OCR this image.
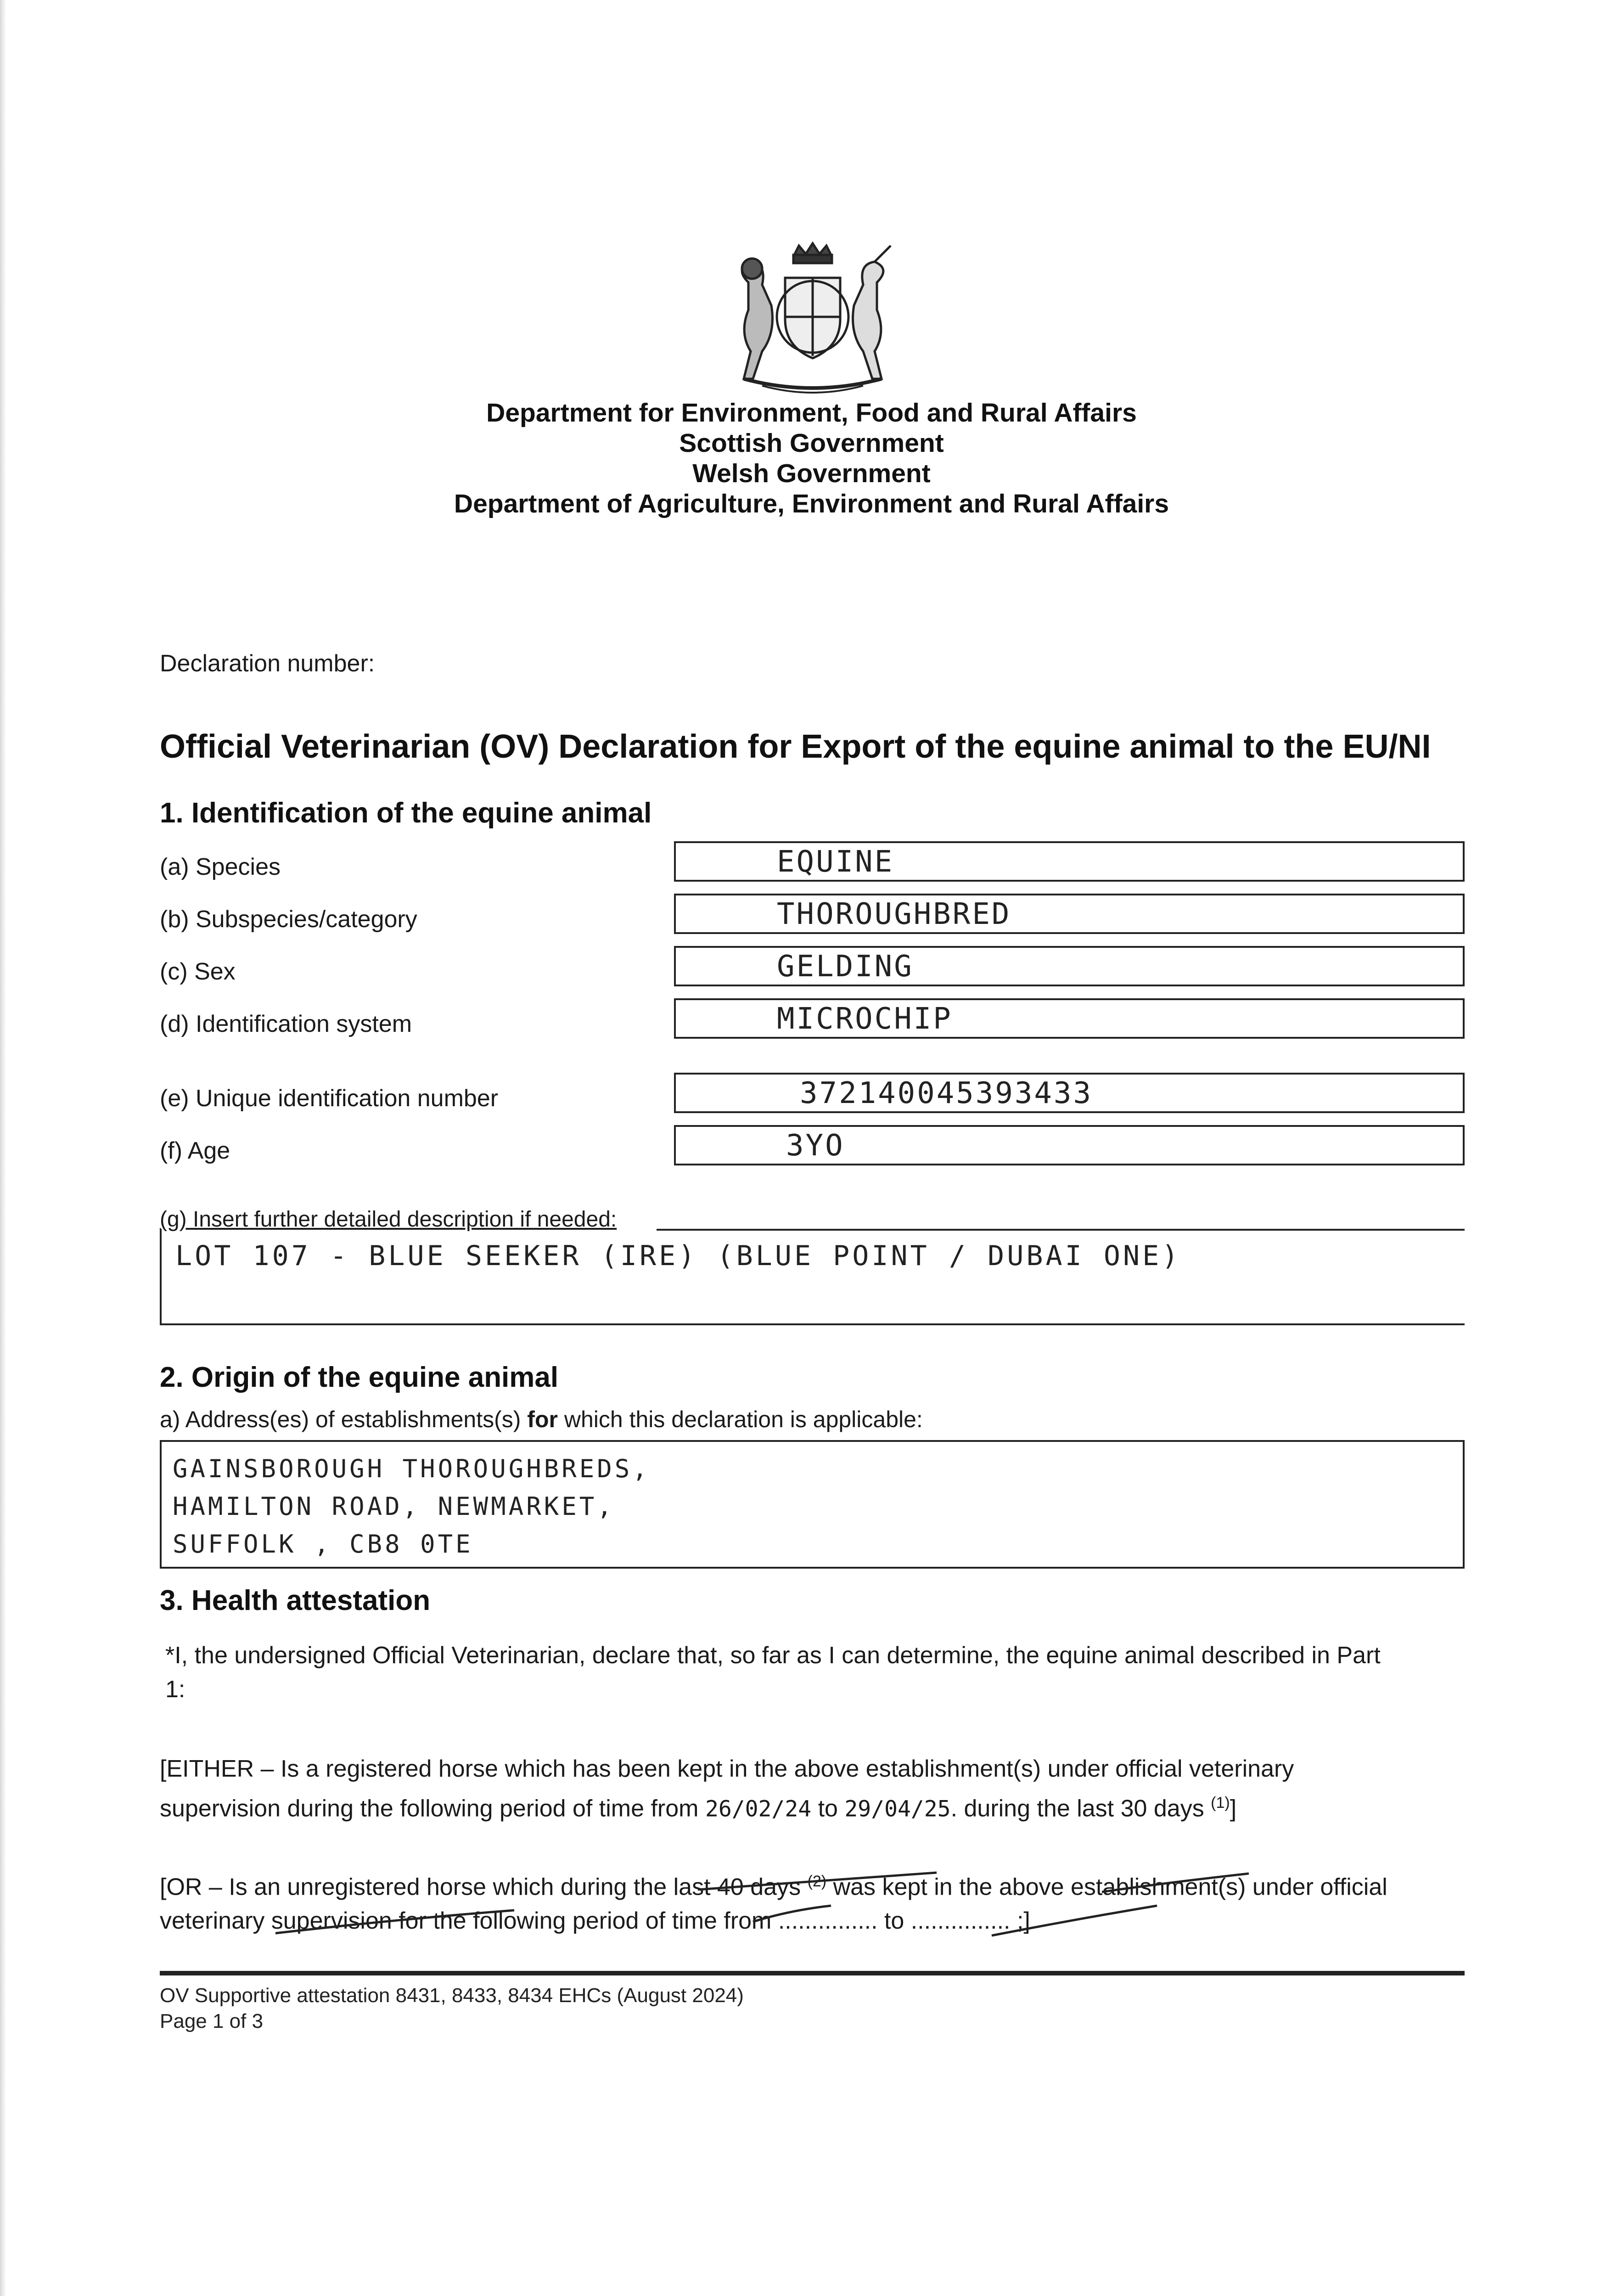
Department for Environment, Food and Rural Affairs
Scottish Government
Welsh Government
Department of Agriculture, Environment and Rural Affairs
Declaration number:
Official Veterinarian (OV) Declaration for Export of the equine animal to the EU/NI
1. Identification of the equine animal
(a) Species	EQUINE
(b) Subspecies/category	THOROUGHBRED
(c) Sex	GELDING
(d) Identification system	MICROCHIP
(e) Unique identification number	372140045393433
(f) Age	3YO
(g) Insert further detailed description if needed:
LOT 107 - BLUE SEEKER (IRE) (BLUE POINT / DUBAI ONE)
2. Origin of the equine animal
a) Address(es) of establishments(s) for which this declaration is applicable:
GAINSBOROUGH THOROUGHBREDS,
HAMILTON ROAD, NEWMARKET,
SUFFOLK , CB8 0TE
3. Health attestation
*I, the undersigned Official Veterinarian, declare that, so far as I can determine, the equine animal described in Part
1:
[EITHER – Is a registered horse which has been kept in the above establishment(s) under official veterinary
supervision during the following period of time from 26/02/24 to 29/04/25. during the last 30 days $^{(1)}$]
[OR – Is an unregistered horse which during the last 40 days $^{(2)}$ was kept in the above establishment(s) under official
veterinary supervision for the following period of time from ............... to ............... ;]
OV Supportive attestation 8431, 8433, 8434 EHCs (August 2024)
Page 1 of 3
